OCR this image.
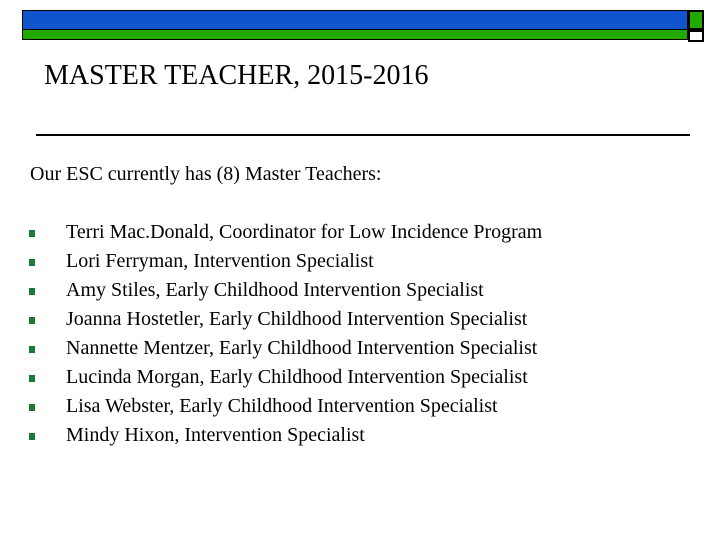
MASTER TEACHER, 2015-2016
Our ESC currently has (8) Master Teachers:
Terri Mac.Donald, Coordinator for Low Incidence Program
Lori Ferryman, Intervention Specialist
Amy Stiles, Early Childhood Intervention Specialist
Joanna Hostetler, Early Childhood Intervention Specialist
Nannette Mentzer, Early Childhood Intervention Specialist
Lucinda Morgan, Early Childhood Intervention Specialist
Lisa Webster, Early Childhood Intervention Specialist
Mindy Hixon, Intervention Specialist
